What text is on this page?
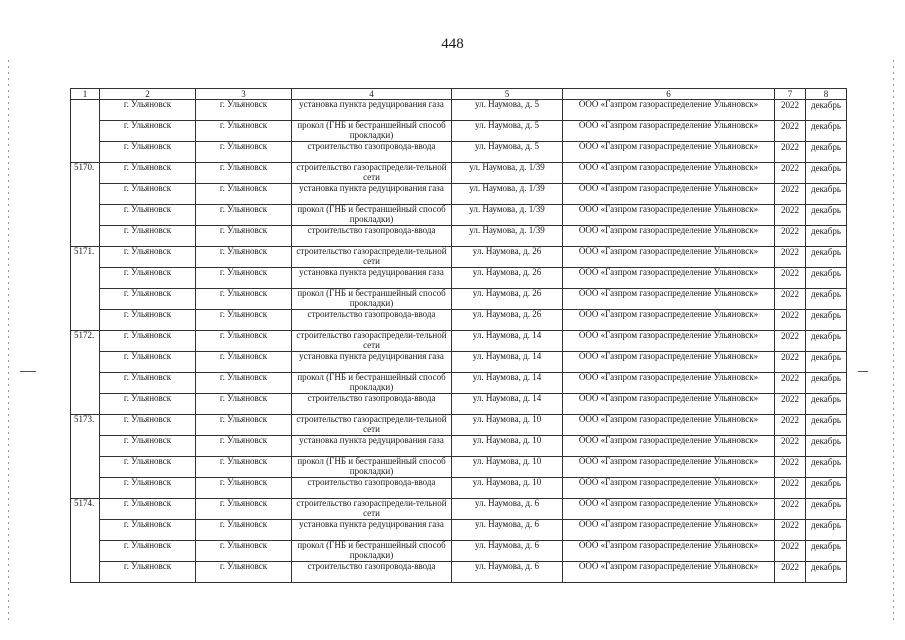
448
1	2	3	4	5	6	7	8
	г. Ульяновск	г. Ульяновск	установка пункта редуцирования газа	ул. Наумова, д. 5	ООО «Газпром газораспределение Ульяновск»	2022	декабрь
	г. Ульяновск	г. Ульяновск	прокол (ГНБ и бестраншейный способ прокладки)	ул. Наумова, д. 5	ООО «Газпром газораспределение Ульяновск»	2022	декабрь
	г. Ульяновск	г. Ульяновск	строительство газопровода-ввода	ул. Наумова, д. 5	ООО «Газпром газораспределение Ульяновск»	2022	декабрь
5170.	г. Ульяновск	г. Ульяновск	строительство газораспредели-тельной сети	ул. Наумова, д. 1/39	ООО «Газпром газораспределение Ульяновск»	2022	декабрь
	г. Ульяновск	г. Ульяновск	установка пункта редуцирования газа	ул. Наумова, д. 1/39	ООО «Газпром газораспределение Ульяновск»	2022	декабрь
	г. Ульяновск	г. Ульяновск	прокол (ГНБ и бестраншейный способ прокладки)	ул. Наумова, д. 1/39	ООО «Газпром газораспределение Ульяновск»	2022	декабрь
	г. Ульяновск	г. Ульяновск	строительство газопровода-ввода	ул. Наумова, д. 1/39	ООО «Газпром газораспределение Ульяновск»	2022	декабрь
5171.	г. Ульяновск	г. Ульяновск	строительство газораспредели-тельной сети	ул. Наумова, д. 26	ООО «Газпром газораспределение Ульяновск»	2022	декабрь
	г. Ульяновск	г. Ульяновск	установка пункта редуцирования газа	ул. Наумова, д. 26	ООО «Газпром газораспределение Ульяновск»	2022	декабрь
	г. Ульяновск	г. Ульяновск	прокол (ГНБ и бестраншейный способ прокладки)	ул. Наумова, д. 26	ООО «Газпром газораспределение Ульяновск»	2022	декабрь
	г. Ульяновск	г. Ульяновск	строительство газопровода-ввода	ул. Наумова, д. 26	ООО «Газпром газораспределение Ульяновск»	2022	декабрь
5172.	г. Ульяновск	г. Ульяновск	строительство газораспредели-тельной сети	ул. Наумова, д. 14	ООО «Газпром газораспределение Ульяновск»	2022	декабрь
	г. Ульяновск	г. Ульяновск	установка пункта редуцирования газа	ул. Наумова, д. 14	ООО «Газпром газораспределение Ульяновск»	2022	декабрь
	г. Ульяновск	г. Ульяновск	прокол (ГНБ и бестраншейный способ прокладки)	ул. Наумова, д. 14	ООО «Газпром газораспределение Ульяновск»	2022	декабрь
	г. Ульяновск	г. Ульяновск	строительство газопровода-ввода	ул. Наумова, д. 14	ООО «Газпром газораспределение Ульяновск»	2022	декабрь
5173.	г. Ульяновск	г. Ульяновск	строительство газораспредели-тельной сети	ул. Наумова, д. 10	ООО «Газпром газораспределение Ульяновск»	2022	декабрь
	г. Ульяновск	г. Ульяновск	установка пункта редуцирования газа	ул. Наумова, д. 10	ООО «Газпром газораспределение Ульяновск»	2022	декабрь
	г. Ульяновск	г. Ульяновск	прокол (ГНБ и бестраншейный способ прокладки)	ул. Наумова, д. 10	ООО «Газпром газораспределение Ульяновск»	2022	декабрь
	г. Ульяновск	г. Ульяновск	строительство газопровода-ввода	ул. Наумова, д. 10	ООО «Газпром газораспределение Ульяновск»	2022	декабрь
5174.	г. Ульяновск	г. Ульяновск	строительство газораспредели-тельной сети	ул. Наумова, д. 6	ООО «Газпром газораспределение Ульяновск»	2022	декабрь
	г. Ульяновск	г. Ульяновск	установка пункта редуцирования газа	ул. Наумова, д. 6	ООО «Газпром газораспределение Ульяновск»	2022	декабрь
	г. Ульяновск	г. Ульяновск	прокол (ГНБ и бестраншейный способ прокладки)	ул. Наумова, д. 6	ООО «Газпром газораспределение Ульяновск»	2022	декабрь
	г. Ульяновск	г. Ульяновск	строительство газопровода-ввода	ул. Наумова, д. 6	ООО «Газпром газораспределение Ульяновск»	2022	декабрь
